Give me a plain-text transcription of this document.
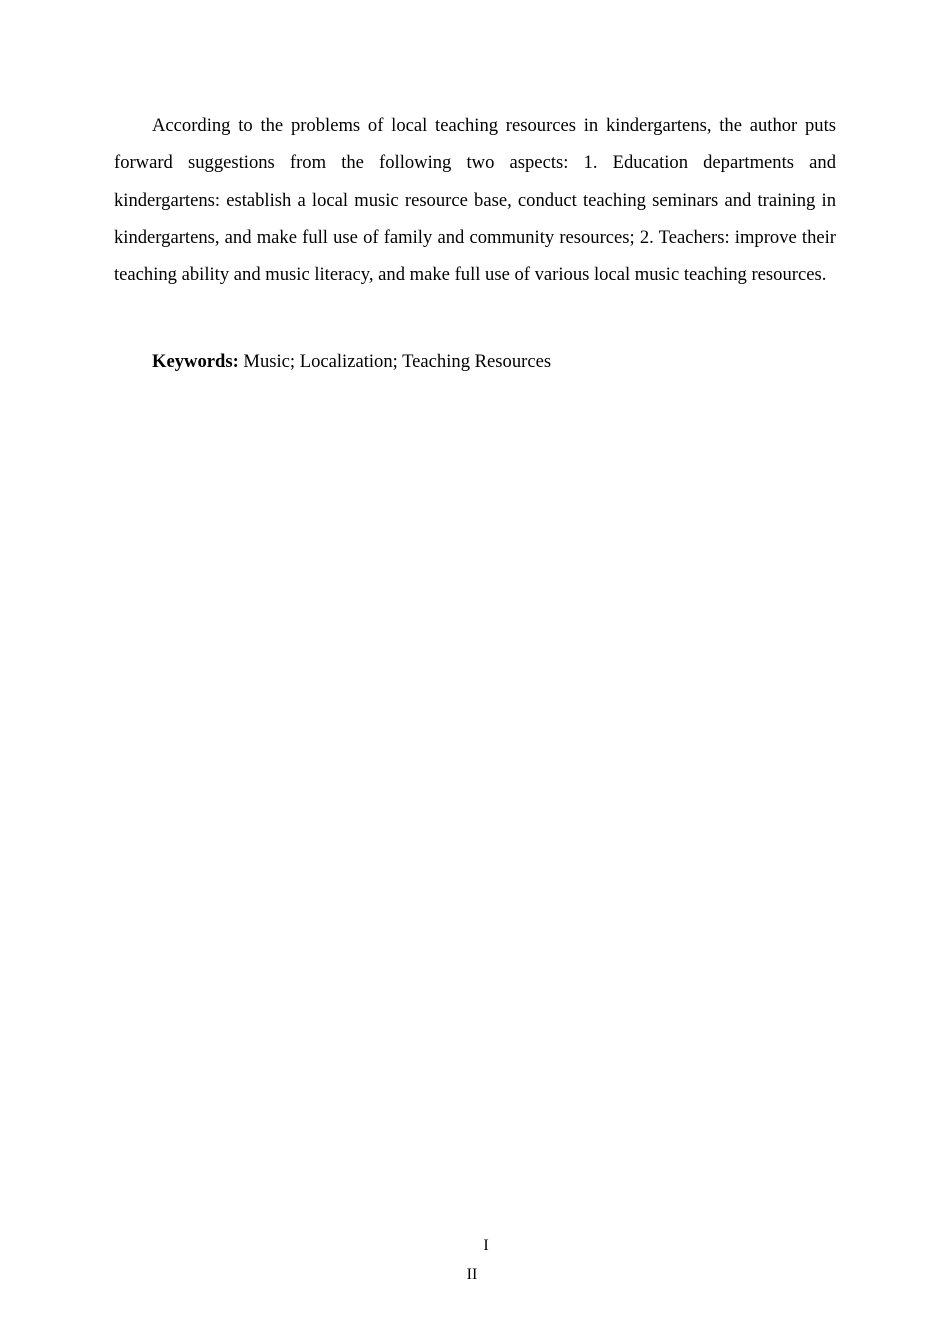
According to the problems of local teaching resources in kindergartens, the author puts forward suggestions from the following two aspects: 1. Education departments and kindergartens: establish a local music resource base, conduct teaching seminars and training in kindergartens, and make full use of family and community resources; 2. Teachers: improve their teaching ability and music literacy, and make full use of various local music teaching resources.

Keywords: Music; Localization; Teaching Resources

I

II
